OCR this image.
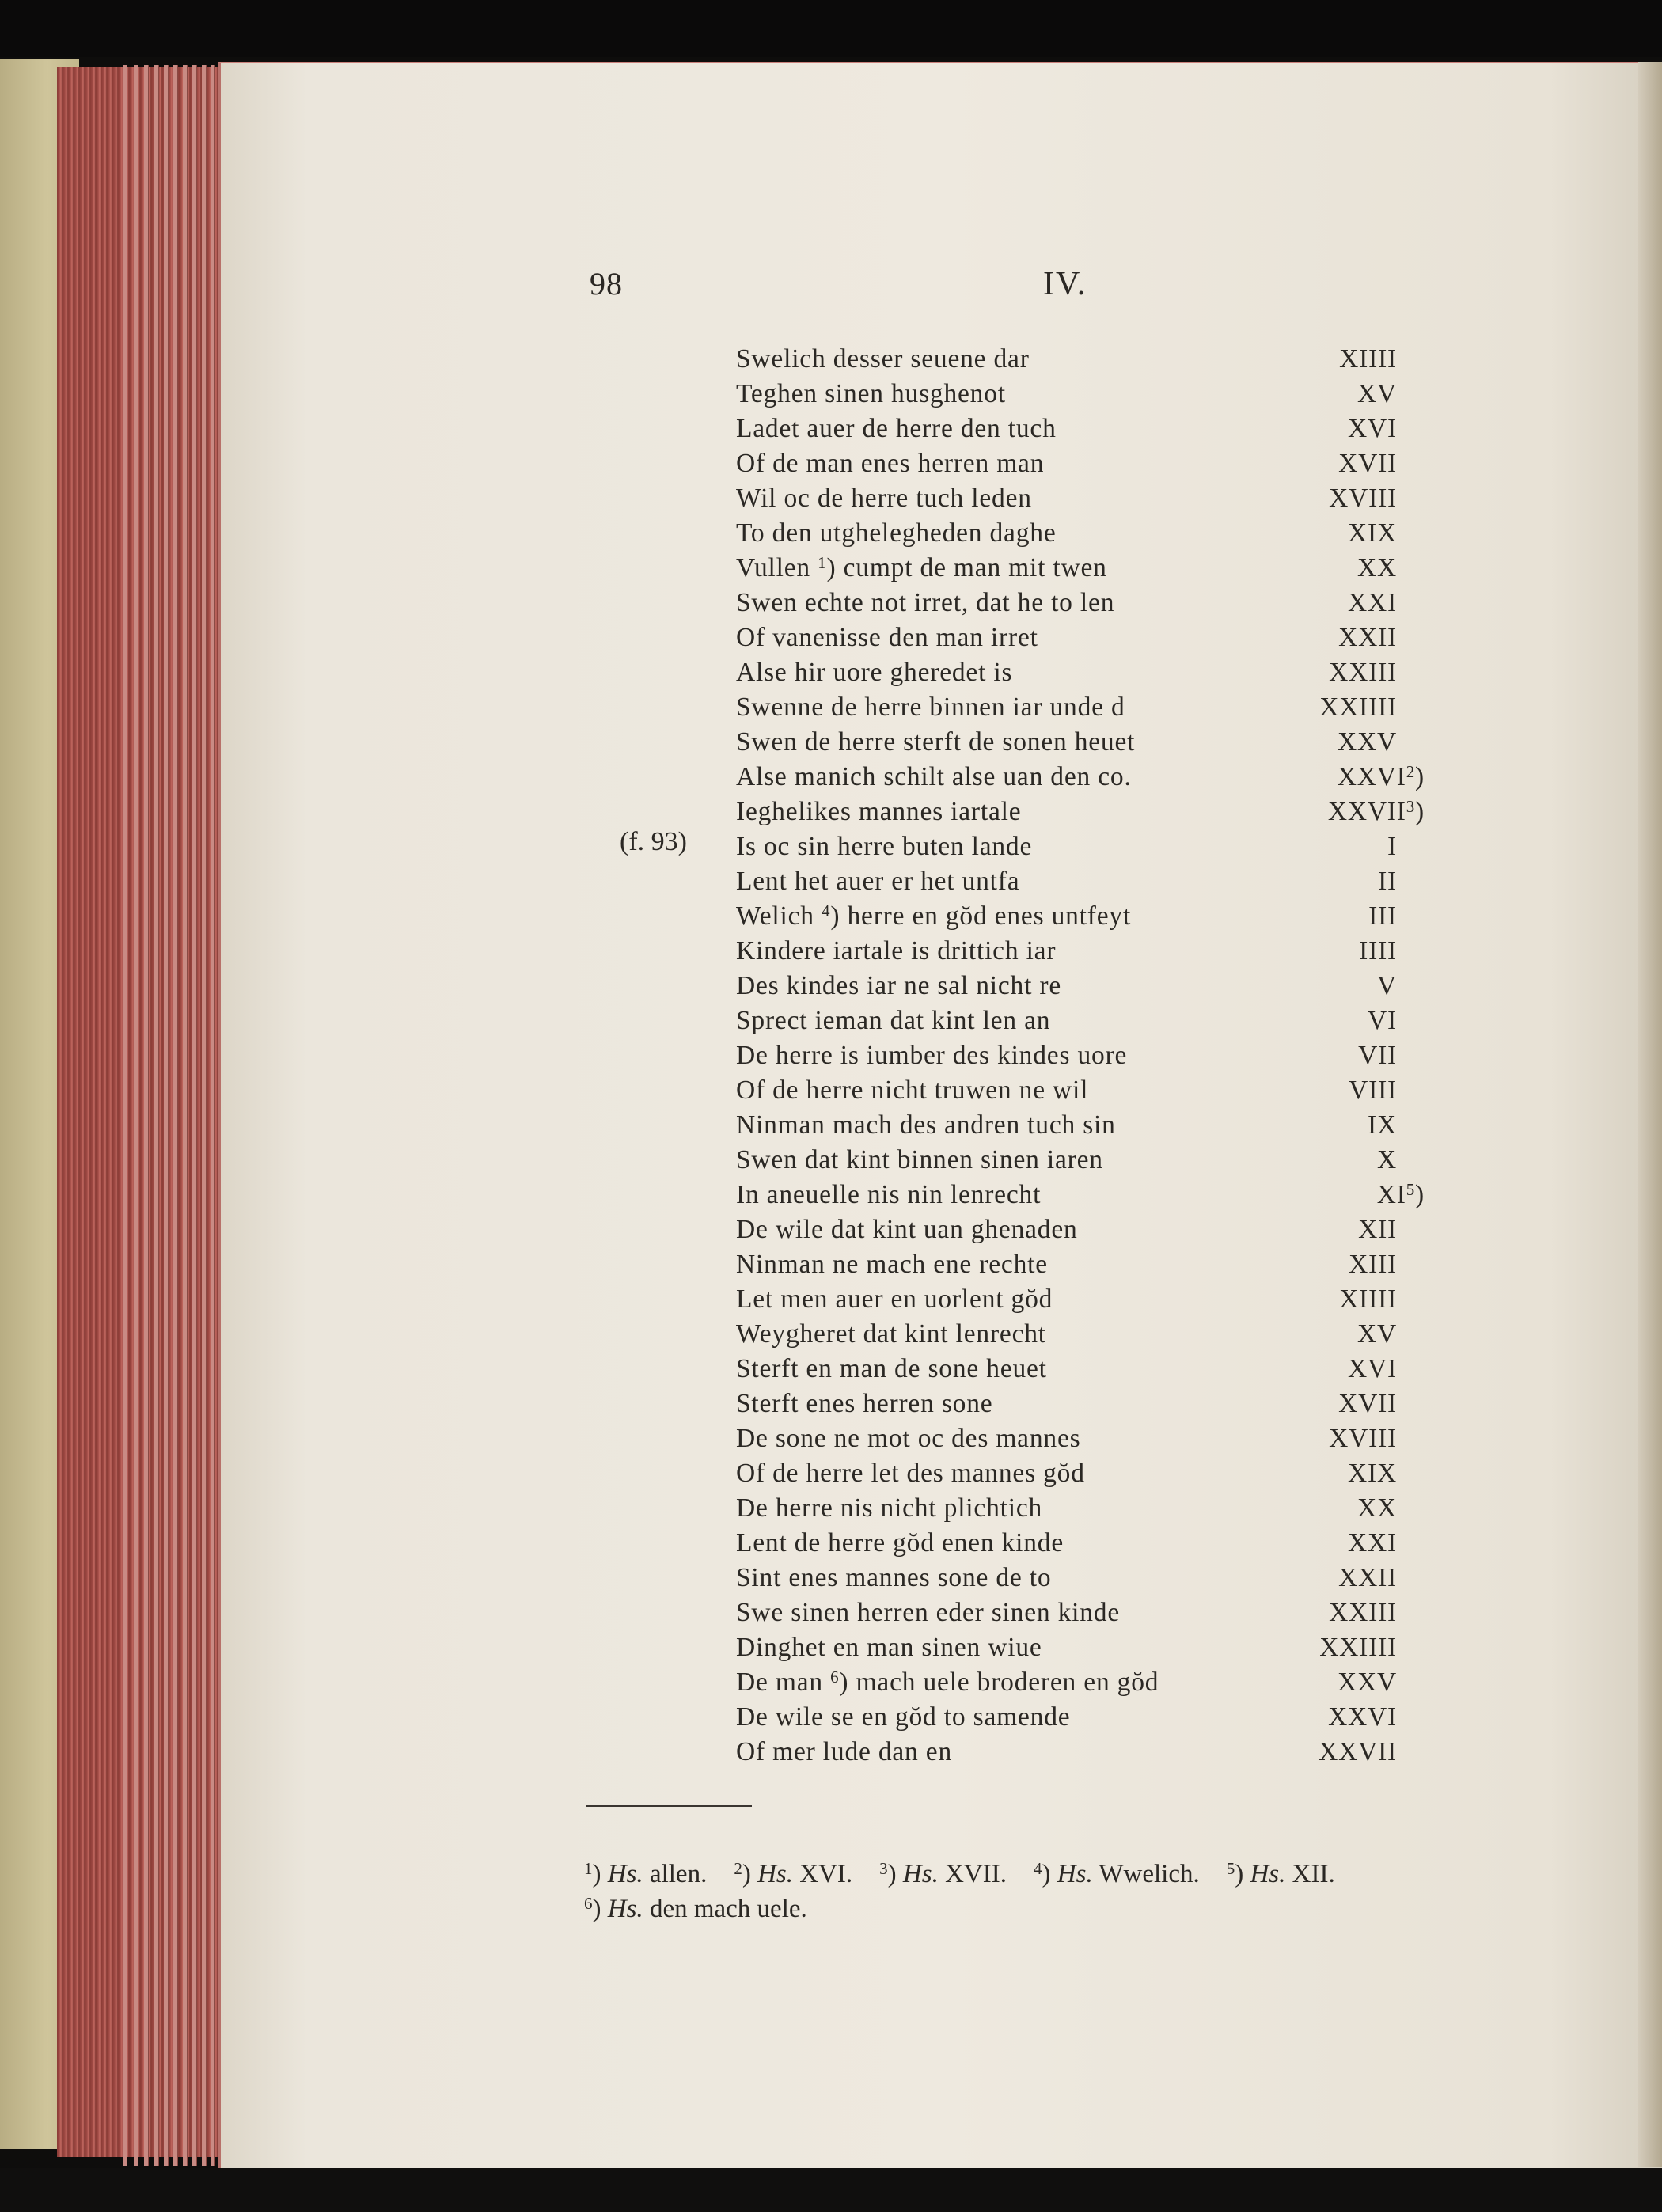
98	IV.
(f. 93)
Swelich desser seuene dar	XIIII
Teghen sinen husghenot	XV
Ladet auer de herre den tuch	XVI
Of de man enes herren man	XVII
Wil oc de herre tuch leden	XVIII
To den utghelegheden daghe	XIX
Vullen $^1$) cumpt de man mit twen	XX
Swen echte not irret, dat he to len	XXI
Of vanenisse den man irret	XXII
Alse hir uore gheredet is	XXIII
Swenne de herre binnen iar unde d	XXIIII
Swen de herre sterft de sonen heuet	XXV
Alse manich schilt alse uan den co.	XXVI$^2$)
Ieghelikes mannes iartale	XXVII$^3$)
Is oc sin herre buten lande	I
Lent het auer er het untfa	II
Welich $^4$) herre en gŏd enes untfeyt	III
Kindere iartale is drittich iar	IIII
Des kindes iar ne sal nicht re	V
Sprect ieman dat kint len an	VI
De herre is iumber des kindes uore	VII
Of de herre nicht truwen ne wil	VIII
Ninman mach des andren tuch sin	IX
Swen dat kint binnen sinen iaren	X
In aneuelle nis nin lenrecht	$XI^5$)
De wile dat kint uan ghenaden	XII
Ninman ne mach ene rechte	XIII
Let men auer en uorlent gŏd	XIIII
Weygheret dat kint lenrecht	XV
Sterft en man de sone heuet	XVI
Sterft enes herren sone	XVII
De sone ne mot oc des mannes	XVIII
Of de herre let des mannes gŏd	XIX
De herre nis nicht plichtich	XX
Lent de herre gŏd enen kinde	XXI
Sint enes mannes sone de to	XXII
Swe sinen herren eder sinen kinde	XXIII
Dinghet en man sinen wiue	XXIIII
De man $^6$) mach uele broderen en gŏd	XXV
De wile se en gŏd to samende	XXVI
Of mer lude dan en	XXVII
$^1$) Hs. allen. $^2$) Hs. XVI. $^3$) Hs. XVII. $^4$) Hs. Wwelich. $^5$) Hs. XII.
$^6$) Hs. den mach uele.
